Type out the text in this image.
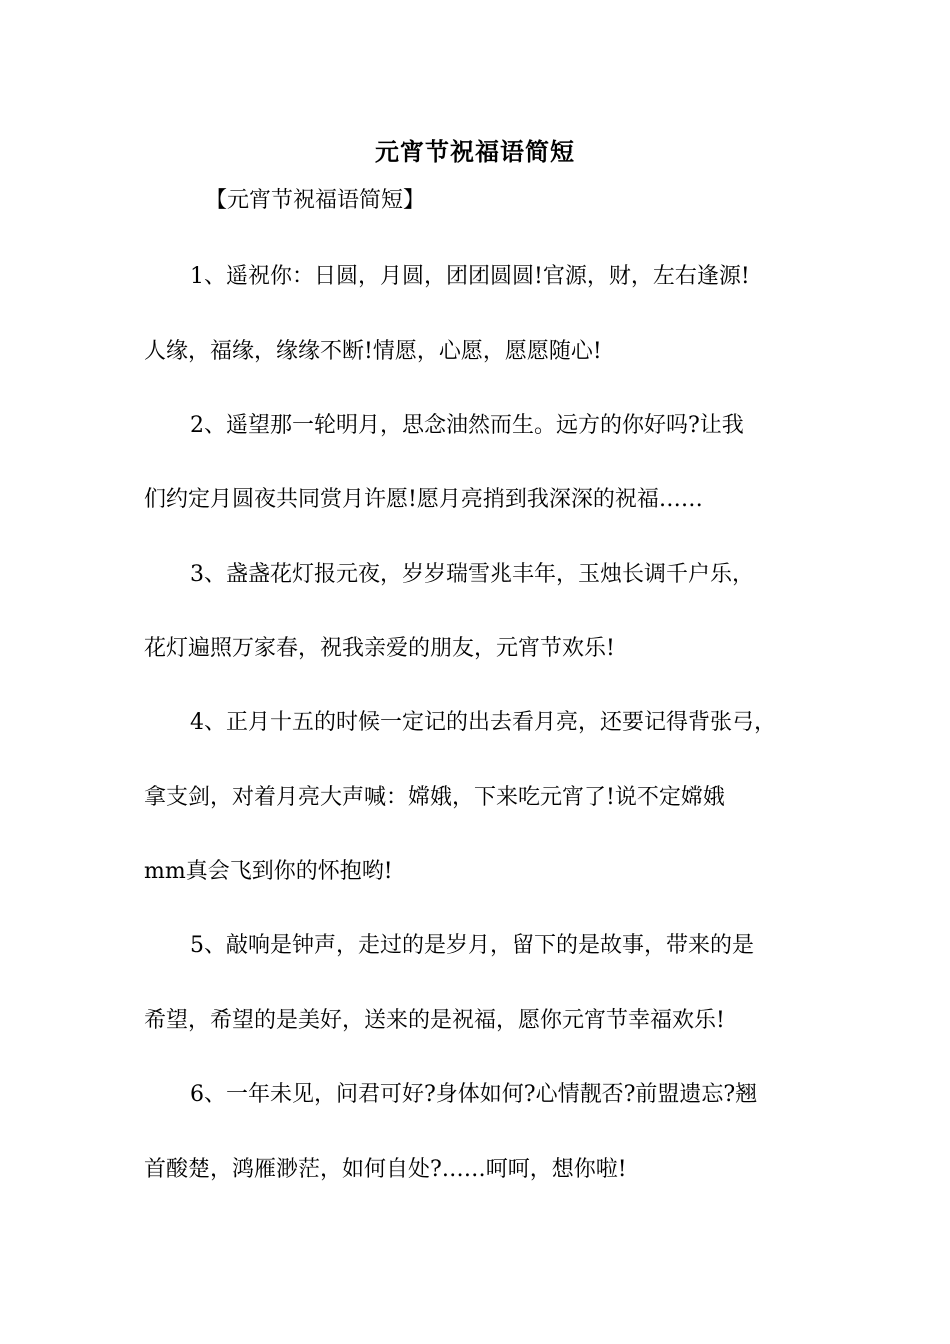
元宵节祝福语简短
【元宵节祝福语简短】
1、遥祝你：日圆，月圆，团团圆圆!官源，财，左右逢源!
人缘，福缘，缘缘不断!情愿，心愿，愿愿随心!
2、遥望那一轮明月，思念油然而生。远方的你好吗?让我
们约定月圆夜共同赏月许愿!愿月亮捎到我深深的祝福……
3、盏盏花灯报元夜，岁岁瑞雪兆丰年，玉烛长调千户乐，
花灯遍照万家春，祝我亲爱的朋友，元宵节欢乐!
4、正月十五的时候一定记的出去看月亮，还要记得背张弓，
拿支剑，对着月亮大声喊：嫦娥，下来吃元宵了!说不定嫦娥
mm真会飞到你的怀抱哟!
5、敲响是钟声，走过的是岁月，留下的是故事，带来的是
希望，希望的是美好，送来的是祝福，愿你元宵节幸福欢乐!
6、一年未见，问君可好?身体如何?心情靓否?前盟遗忘?翘
首酸楚，鸿雁渺茫，如何自处?……呵呵，想你啦!
